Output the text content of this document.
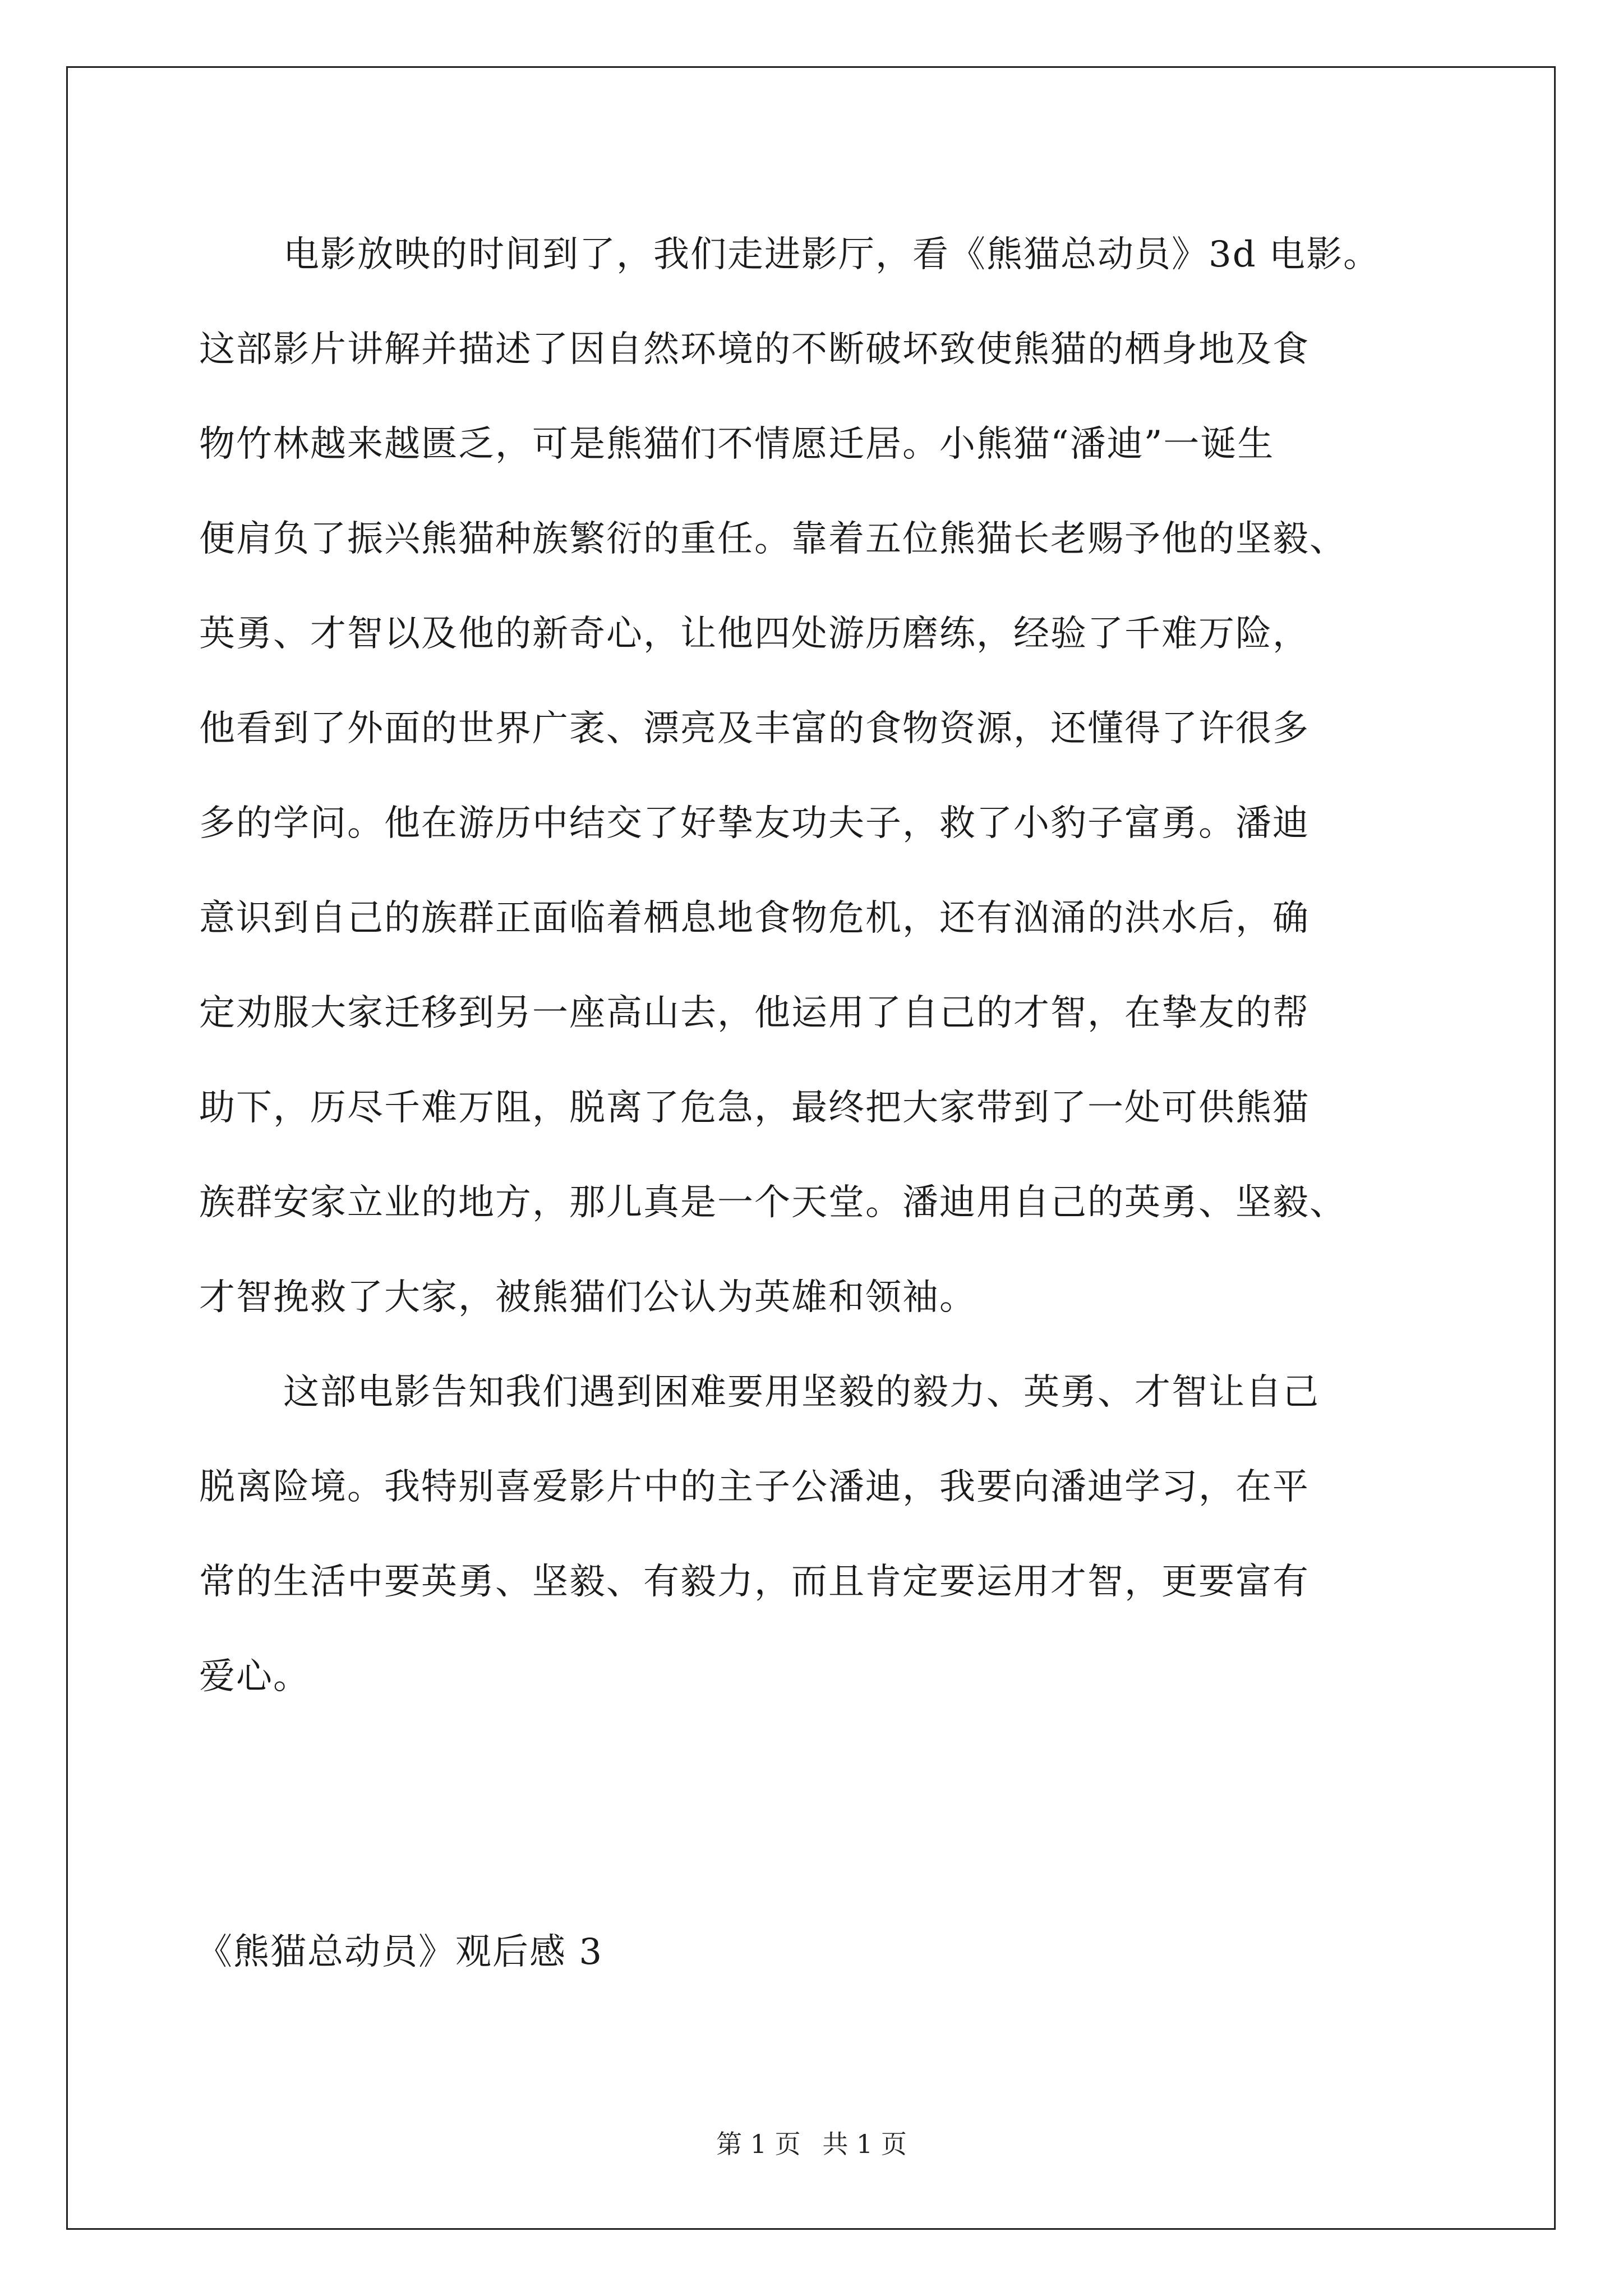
电影放映的时间到了，我们走进影厅，看《熊猫总动员》3d 电影。
这部影片讲解并描述了因自然环境的不断破坏致使熊猫的栖身地及食
物竹林越来越匮乏，可是熊猫们不情愿迁居。小熊猫“潘迪”一诞生
便肩负了振兴熊猫种族繁衍的重任。靠着五位熊猫长老赐予他的坚毅、
英勇、才智以及他的新奇心，让他四处游历磨练，经验了千难万险，
他看到了外面的世界广袤、漂亮及丰富的食物资源，还懂得了许很多
多的学问。他在游历中结交了好挚友功夫子，救了小豹子富勇。潘迪
意识到自己的族群正面临着栖息地食物危机，还有汹涌的洪水后，确
定劝服大家迁移到另一座高山去，他运用了自己的才智，在挚友的帮
助下，历尽千难万阻，脱离了危急，最终把大家带到了一处可供熊猫
族群安家立业的地方，那儿真是一个天堂。潘迪用自己的英勇、坚毅、
才智挽救了大家，被熊猫们公认为英雄和领袖。
这部电影告知我们遇到困难要用坚毅的毅力、英勇、才智让自己
脱离险境。我特别喜爱影片中的主子公潘迪，我要向潘迪学习，在平
常的生活中要英勇、坚毅、有毅力，而且肯定要运用才智，更要富有
爱心。
《熊猫总动员》观后感 3
第 1 页 共 1 页
